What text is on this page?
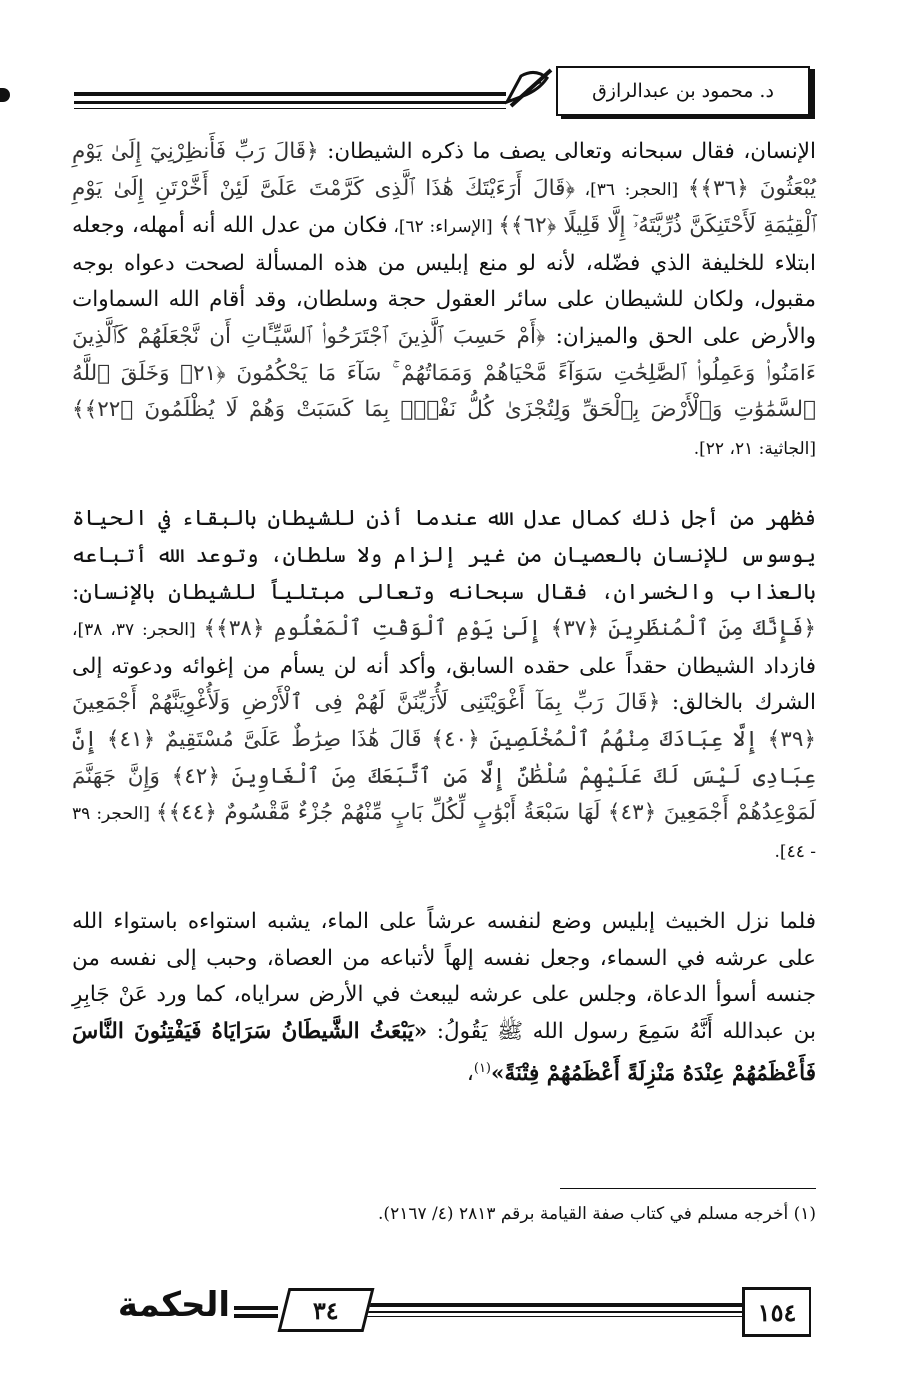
د. محمود بن عبدالرازق

الإنسان، فقال سبحانه وتعالى يصف ما ذكره الشيطان: ﴿قَالَ رَبِّ فَأَنظِرْنِيٓ إِلَىٰ يَوْمِ يُبْعَثُونَ ﴿٣٦﴾﴾ [الحجر: ٣٦]، ﴿قَالَ أَرَءَيْتَكَ هَٰذَا ٱلَّذِى كَرَّمْتَ عَلَىَّ لَئِنْ أَخَّرْتَنِ إِلَىٰ يَوْمِ ٱلْقِيَٰمَةِ لَأَحْتَنِكَنَّ ذُرِّيَّتَهُۥٓ إِلَّا قَلِيلًا ﴿٦٢﴾﴾ [الإسراء: ٦٢]، فكان من عدل الله أنه أمهله، وجعله ابتلاء للخليفة الذي فضّله، لأنه لو منع إبليس من هذه المسألة لصحت دعواه بوجه مقبول، ولكان للشيطان على سائر العقول حجة وسلطان، وقد أقام الله السماوات والأرض على الحق والميزان: ﴿أَمْ حَسِبَ ٱلَّذِينَ ٱجْتَرَحُوا۟ ٱلسَّيِّـَٔاتِ أَن نَّجْعَلَهُمْ كَٱلَّذِينَ ءَامَنُوا۟ وَعَمِلُوا۟ ٱلصَّٰلِحَٰتِ سَوَآءً مَّحْيَاهُمْ وَمَمَاتُهُمْ ۚ سَآءَ مَا يَحْكُمُونَ ﴿٢١﴾ وَخَلَقَ ٱللَّهُ ٱلسَّمَٰوَٰتِ وَٱلْأَرْضَ بِٱلْحَقِّ وَلِتُجْزَىٰ كُلُّ نَفْسٍۭ بِمَا كَسَبَتْ وَهُمْ لَا يُظْلَمُونَ ﴿٢٢﴾﴾ [الجاثية: ٢١، ٢٢].

فظهر من أجل ذلك كمال عدل الله عندما أذن للشيطان بالبقاء في الحياة يوسوس للإنسان بالعصيان من غير إلزام ولا سلطان، وتوعد الله أتباعه بالعذاب والخسران، فقال سبحانه وتعالى مبتلياً للشيطان بالإنسان: ﴿فَإِنَّكَ مِنَ ٱلْمُنظَرِينَ ﴿٣٧﴾ إِلَىٰ يَوْمِ ٱلْوَقْتِ ٱلْمَعْلُومِ ﴿٣٨﴾﴾ [الحجر: ٣٧، ٣٨]، فازداد الشيطان حقداً على حقده السابق، وأكد أنه لن يسأم من إغوائه ودعوته إلى الشرك بالخالق: ﴿قَالَ رَبِّ بِمَآ أَغْوَيْتَنِى لَأُزَيِّنَنَّ لَهُمْ فِى ٱلْأَرْضِ وَلَأُغْوِيَنَّهُمْ أَجْمَعِينَ ﴿٣٩﴾ إِلَّا عِبَادَكَ مِنْهُمُ ٱلْمُخْلَصِينَ ﴿٤٠﴾ قَالَ هَٰذَا صِرَٰطٌ عَلَىَّ مُسْتَقِيمٌ ﴿٤١﴾ إِنَّ عِبَادِى لَيْسَ لَكَ عَلَيْهِمْ سُلْطَٰنٌ إِلَّا مَنِ ٱتَّبَعَكَ مِنَ ٱلْغَاوِينَ ﴿٤٢﴾ وَإِنَّ جَهَنَّمَ لَمَوْعِدُهُمْ أَجْمَعِينَ ﴿٤٣﴾ لَهَا سَبْعَةُ أَبْوَٰبٍ لِّكُلِّ بَابٍ مِّنْهُمْ جُزْءٌ مَّقْسُومٌ ﴿٤٤﴾﴾ [الحجر: ٣٩ - ٤٤].

فلما نزل الخبيث إبليس وضع لنفسه عرشاً على الماء، يشبه استواءه باستواء الله على عرشه في السماء، وجعل نفسه إلهاً لأتباعه من العصاة، وحبب إلى نفسه من جنسه أسوأ الدعاة، وجلس على عرشه ليبعث في الأرض سراياه، كما ورد عَنْ جَابِرِ بن عبدالله أَنَّهُ سَمِعَ رسول الله ﷺ يَقُولُ: «يَبْعَثُ الشَّيطَانُ سَرَايَاهُ فَيَفْتِنُونَ النَّاسَ فَأَعْظَمُهُمْ عِنْدَهُ مَنْزِلَةً أَعْظَمُهُمْ فِتْنَةً»$^{(١)}$،

(١) أخرجه مسلم في كتاب صفة القيامة برقم ٢٨١٣ (٤/ ٢١٦٧).
١٥٤
٣٤
الحكمة
